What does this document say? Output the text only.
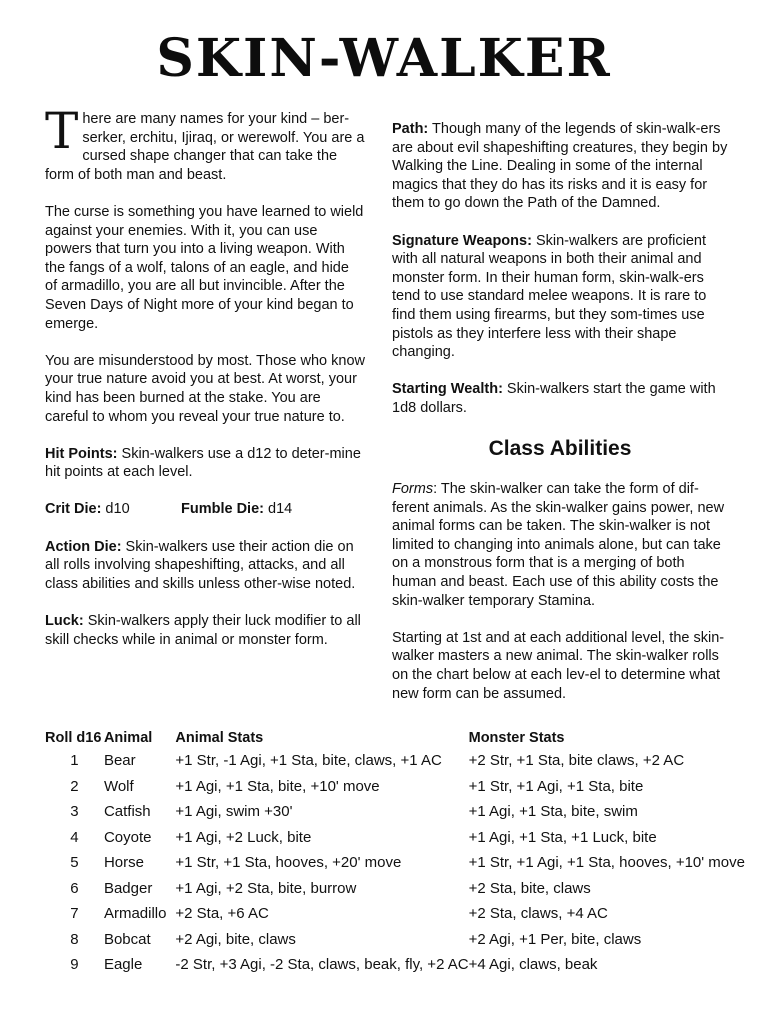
SKIN-WALKER

There are many names for your kind – ber-serker, erchitu, Ijiraq, or werewolf. You are a cursed shape changer that can take the form of both man and beast.

The curse is something you have learned to wield against your enemies. With it, you can use powers that turn you into a living weapon. With the fangs of a wolf, talons of an eagle, and hide of armadillo, you are all but invincible. After the Seven Days of Night more of your kind began to emerge.

You are misunderstood by most. Those who know your true nature avoid you at best. At worst, your kind has been burned at the stake. You are careful to whom you reveal your true nature to.

Hit Points: Skin-walkers use a d12 to deter-mine hit points at each level.

Crit Die: d10	Fumble Die: d14

Action Die: Skin-walkers use their action die on all rolls involving shapeshifting, attacks, and all class abilities and skills unless other-wise noted.

Luck: Skin-walkers apply their luck modifier to all skill checks while in animal or monster form.

Path: Though many of the legends of skin-walk-ers are about evil shapeshifting creatures, they begin by Walking the Line. Dealing in some of the internal magics that they do has its risks and it is easy for them to go down the Path of the Damned.

Signature Weapons: Skin-walkers are proficient with all natural weapons in both their animal and monster form. In their human form, skin-walk-ers tend to use standard melee weapons. It is rare to find them using firearms, but they som-times use pistols as they interfere less with their shape changing.

Starting Wealth: Skin-walkers start the game with 1d8 dollars.

Class Abilities

Forms: The skin-walker can take the form of dif-ferent animals. As the skin-walker gains power, new animal forms can be taken. The skin-walker is not limited to changing into animals alone, but can take on a monstrous form that is a merging of both human and beast. Each use of this ability costs the skin-walker temporary Stamina.

Starting at 1st and at each additional level, the skin-walker masters a new animal. The skin-walker rolls on the chart below at each lev-el to determine what new form can be assumed.

Roll d16	Animal	Animal Stats	Monster Stats
1	Bear	+1 Str, -1 Agi, +1 Sta, bite, claws, +1 AC	+2 Str, +1 Sta, bite claws, +2 AC
2	Wolf	+1 Agi, +1 Sta, bite, +10' move	+1 Str, +1 Agi, +1 Sta, bite
3	Catfish	+1 Agi, swim +30'	+1 Agi, +1 Sta, bite, swim
4	Coyote	+1 Agi, +2 Luck, bite	+1 Agi, +1 Sta, +1 Luck, bite
5	Horse	+1 Str, +1 Sta, hooves, +20' move	+1 Str, +1 Agi, +1 Sta, hooves, +10' move
6	Badger	+1 Agi, +2 Sta, bite, burrow	+2 Sta, bite, claws
7	Armadillo	+2 Sta, +6 AC	+2 Sta, claws, +4 AC
8	Bobcat	+2 Agi, bite, claws	+2 Agi, +1 Per, bite, claws
9	Eagle	-2 Str, +3 Agi, -2 Sta, claws, beak, fly, +2 AC	+4 Agi, claws, beak
